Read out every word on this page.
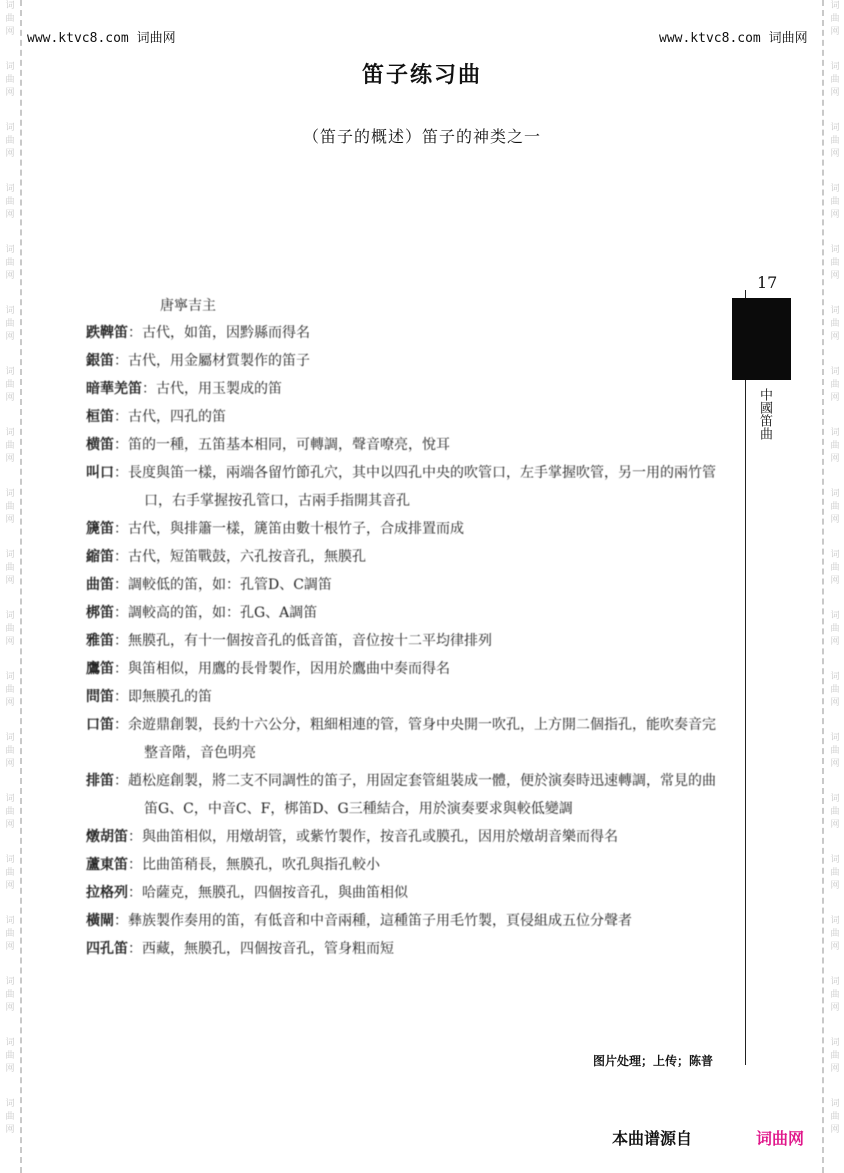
词
曲
网
词
曲
网
词
曲
网
词
曲
网
词
曲
网
词
曲
网
词
曲
网
词
曲
网
词
曲
网
词
曲
网
词
曲
网
词
曲
网
词
曲
网
词
曲
网
词
曲
网
词
曲
网
词
曲
网
词
曲
网
词
曲
网
词
曲
网
词
曲
网
词
曲
网
词
曲
网
词
曲
网
词
曲
网
词
曲
网
词
曲
网
词
曲
网
词
曲
网
词
曲
网
词
曲
网
词
曲
网
词
曲
网
词
曲
网
词
曲
网
词
曲
网
词
曲
网
词
曲
网
www.ktvc8.com 词曲网	www.ktvc8.com 词曲网
笛子练习曲
（笛子的概述）笛子的神类之一
17
中國笛曲
唐寧吉主
跌鞞笛：古代，如笛，因黔縣而得名
銀笛：古代，用金屬材質製作的笛子
暗華羌笛：古代，用玉製成的笛
桓笛：古代，四孔的笛
横笛：笛的一種，五笛基本相同，可轉調，聲音嘹亮，悅耳
叫口：長度與笛一樣，兩端各留竹節孔穴，其中以四孔中央的吹管口，左手掌握吹管，另一用的兩竹管口，右手掌握按孔管口，古兩手指開其音孔
篪笛：古代，與排簫一樣，篪笛由數十根竹子，合成排置而成
縮笛：古代，短笛戰鼓，六孔按音孔，無膜孔
曲笛：調較低的笛，如：孔管D、C調笛
梆笛：調較高的笛，如：孔G、A調笛
雅笛：無膜孔，有十一個按音孔的低音笛，音位按十二平均律排列
鷹笛：與笛相似，用鷹的長骨製作，因用於鷹曲中奏而得名
問笛：即無膜孔的笛
口笛：余遊鼎創製，長約十六公分，粗細相連的管，管身中央開一吹孔，上方開二個指孔，能吹奏音完整音階，音色明亮
排笛：趙松庭創製，將二支不同調性的笛子，用固定套管組裝成一體，便於演奏時迅速轉調，常見的曲笛G、C，中音C、F，梆笛D、G三種結合，用於演奏要求與較低變調
燉胡笛：與曲笛相似，用燉胡管，或紫竹製作，按音孔或膜孔，因用於燉胡音樂而得名
蘆東笛：比曲笛稍長，無膜孔，吹孔與指孔較小
拉格列：哈薩克，無膜孔，四個按音孔，與曲笛相似
橫閘：彝族製作奏用的笛，有低音和中音兩種，這種笛子用毛竹製，頁侵組成五位分聲者
四孔笛：西藏，無膜孔，四個按音孔，管身粗而短
图片处理；上传；陈普
本曲谱源自	词曲网
